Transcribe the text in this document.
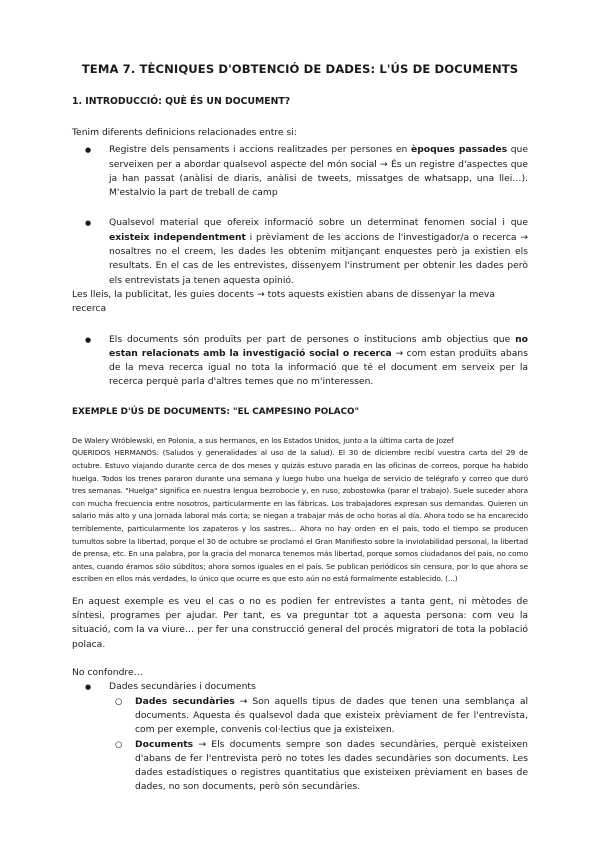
TEMA 7. TÈCNIQUES D'OBTENCIÓ DE DADES: L'ÚS DE DOCUMENTS
1. INTRODUCCIÓ: QUÈ ÉS UN DOCUMENT?
Tenim diferents definicions relacionades entre si:
● Registre dels pensaments i accions realitzades per persones en èpoques passades que serveixen per a abordar qualsevol aspecte del món social → És un registre d'aspectes que ja han passat (anàlisi de diaris, anàlisi de tweets, missatges de whatsapp, una llei…). M'estalvio la part de treball de camp
● Qualsevol material que ofereix informació sobre un determinat fenomen social i que existeix independentment i prèviament de les accions de l'investigador/a o recerca → nosaltres no el creem, les dades les obtenim mitjançant enquestes però ja existien els resultats. En el cas de les entrevistes, dissenyem l'instrument per obtenir les dades però els entrevistats ja tenen aquesta opinió.
Les lleis, la publicitat, les guies docents → tots aquests existien abans de dissenyar la meva recerca
● Els documents són produïts per part de persones o institucions amb objectius que no estan relacionats amb la investigació social o recerca → com estan produïts abans de la meva recerca igual no tota la informació que té el document em serveix per la recerca perquè parla d'altres temes que no m'interessen.
EXEMPLE D'ÚS DE DOCUMENTS: "EL CAMPESINO POLACO"
De Walery Wróblewski, en Polonia, a sus hermanos, en los Estados Unidos, junto a la última carta de Jozef
QUERIDOS HERMANOS: (Saludos y generalidades al uso de la salud). El 30 de diciembre recibí vuestra carta del 29 de octubre. Estuvo viajando durante cerca de dos meses y quizás estuvo parada en las oficinas de correos, porque ha habido huelga. Todos los trenes pararon durante una semana y luego hubo una huelga de servicio de telégrafo y correo que duró tres semanas. "Huelga" significa en nuestra lengua bezrobocie y, en ruso, zobostowka (parar el trabajo). Suele suceder ahora con mucha frecuencia entre nosotros, particularmente en las fábricas. Los trabajadores expresan sus demandas. Quieren un salario más alto y una jornada laboral más corta; se niegan a trabajar más de ocho horas al día. Ahora todo se ha encarecido terriblemente, particularmente los zapateros y los sastres... Ahora no hay orden en el país, todo el tiempo se producen tumultos sobre la libertad, porque el 30 de octubre se proclamó el Gran Manifiesto sobre la inviolabilidad personal, la libertad de prensa, etc. En una palabra, por la gracia del monarca tenemos más libertad, porque somos ciudadanos del país, no como antes, cuando éramos sólo súbditos; ahora somos iguales en el país. Se publican periódicos sin censura, por lo que ahora se escriben en ellos más verdades, lo único que ocurre es que esto aún no está formalmente establecido. (...)
En aquest exemple es veu el cas o no es podien fer entrevistes a tanta gent, ni mètodes de síntesi, programes per ajudar. Per tant, es va preguntar tot a aquesta persona: com veu la situació, com la va viure… per fer una construcció general del procés migratori de tota la població polaca.
No confondre…
● Dades secundàries i documents
○ Dades secundàries → Son aquells tipus de dades que tenen una semblança al documents. Aquesta és qualsevol dada que existeix prèviament de fer l'entrevista, com per exemple, convenis col·lectius que ja existeixen.
○ Documents → Els documents sempre son dades secundàries, perquè existeixen d'abans de fer l'entrevista però no totes les dades secundàries son documents. Les dades estadístiques o registres quantitatius que existeixen prèviament en bases de dades, no son documents, però són secundàries.
